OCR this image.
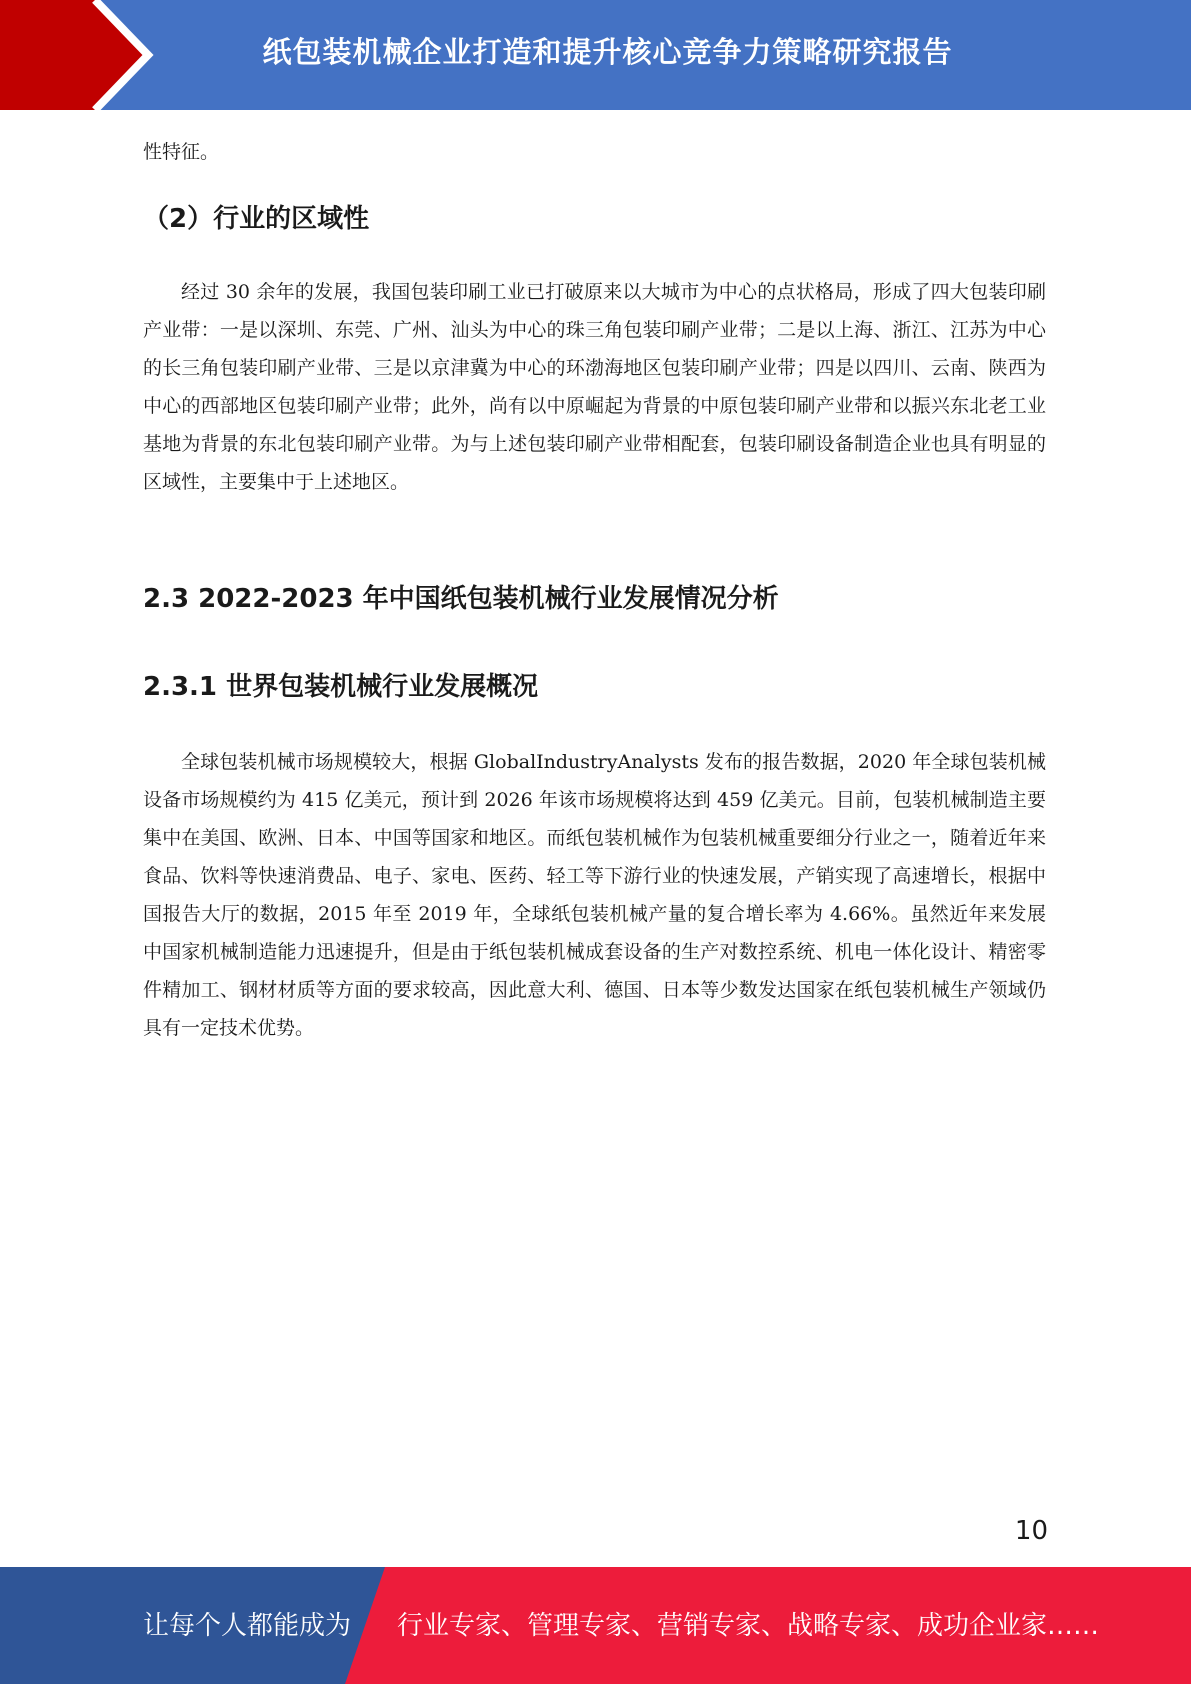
纸包装机械企业打造和提升核心竞争力策略研究报告

性特征。

（2）行业的区域性

经过 30 余年的发展，我国包装印刷工业已打破原来以大城市为中心的点状格局，形成了四大包装印刷产业带：一是以深圳、东莞、广州、汕头为中心的珠三角包装印刷产业带；二是以上海、浙江、江苏为中心的长三角包装印刷产业带、三是以京津冀为中心的环渤海地区包装印刷产业带；四是以四川、云南、陕西为中心的西部地区包装印刷产业带；此外，尚有以中原崛起为背景的中原包装印刷产业带和以振兴东北老工业基地为背景的东北包装印刷产业带。为与上述包装印刷产业带相配套，包装印刷设备制造企业也具有明显的区域性，主要集中于上述地区。

2.3 2022-2023 年中国纸包装机械行业发展情况分析
2.3.1 世界包装机械行业发展概况

全球包装机械市场规模较大，根据 GlobalIndustryAnalysts 发布的报告数据，2020 年全球包装机械设备市场规模约为 415 亿美元，预计到 2026 年该市场规模将达到 459 亿美元。目前，包装机械制造主要集中在美国、欧洲、日本、中国等国家和地区。而纸包装机械作为包装机械重要细分行业之一，随着近年来食品、饮料等快速消费品、电子、家电、医药、轻工等下游行业的快速发展，产销实现了高速增长，根据中国报告大厅的数据，2015 年至 2019 年，全球纸包装机械产量的复合增长率为 4.66%。虽然近年来发展中国家机械制造能力迅速提升，但是由于纸包装机械成套设备的生产对数控系统、机电一体化设计、精密零件精加工、钢材材质等方面的要求较高，因此意大利、德国、日本等少数发达国家在纸包装机械生产领域仍具有一定技术优势。

10
让每个人都能成为 行业专家、管理专家、营销专家、战略专家、成功企业家……
